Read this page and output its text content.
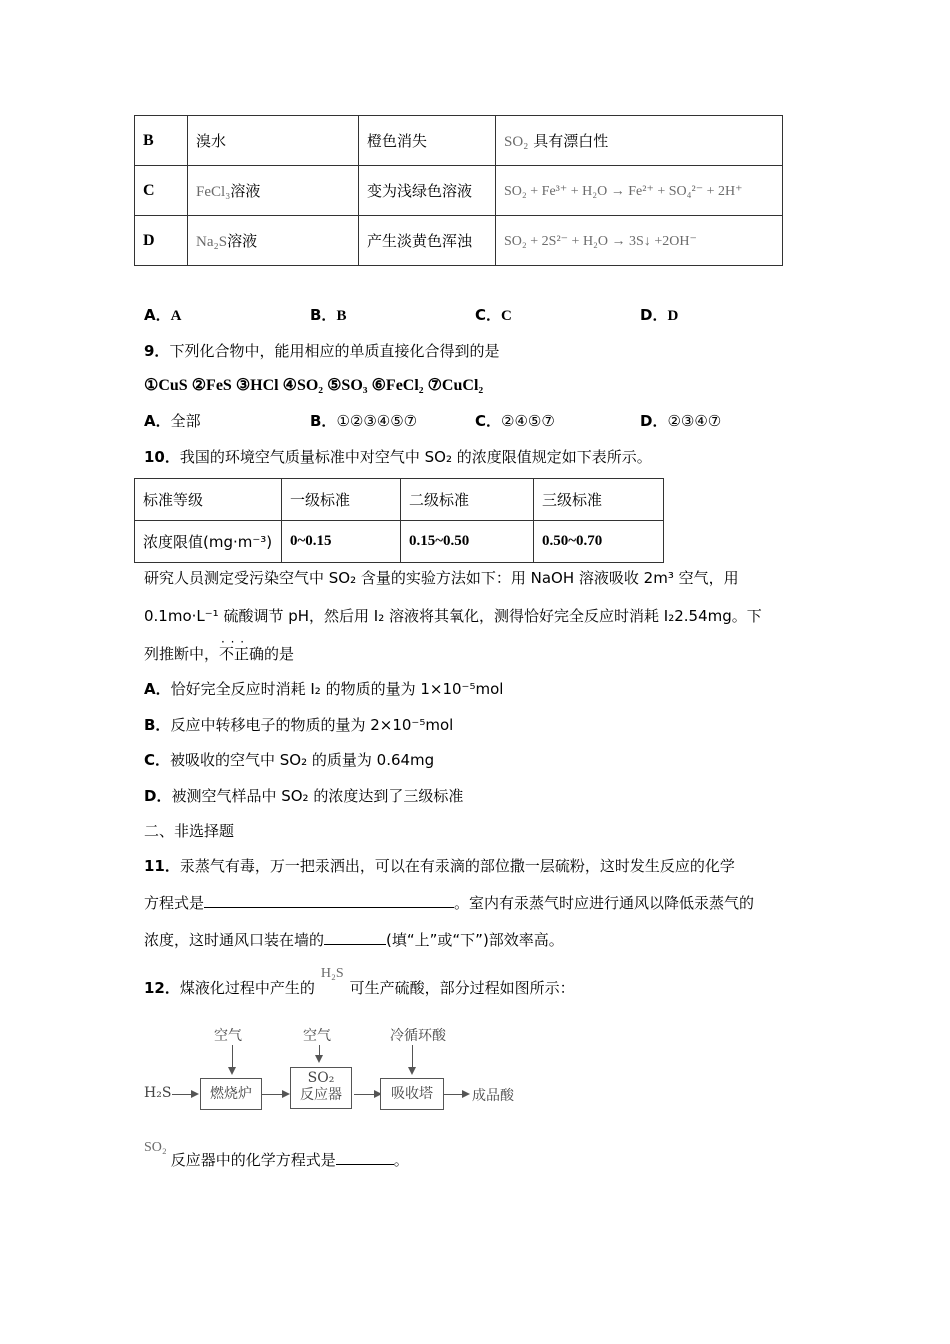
B	溴水	橙色消失	SO₂ 具有漂白性
C	FeCl₃溶液	变为浅绿色溶液	SO₂ + Fe³⁺ + H₂O → Fe²⁺ + SO₄²⁻ + 2H⁺
D	Na₂S溶液	产生淡黄色浑浊	SO₂ + 2S²⁻ + H₂O → 3S↓ +2OH⁻
A．A	B．B	C．C	D．D
9．下列化合物中，能用相应的单质直接化合得到的是
①CuS ②FeS ③HCl ④SO₂ ⑤SO₃ ⑥FeCl₂ ⑦CuCl₂
A．全部	B．①②③④⑤⑦	C．②④⑤⑦	D．②③④⑦
10．我国的环境空气质量标准中对空气中 SO₂ 的浓度限值规定如下表所示。
标准等级	一级标准	二级标准	三级标准
浓度限值(mg·m⁻³)	0~0.15	0.15~0.50	0.50~0.70
研究人员测定受污染空气中 SO₂ 含量的实验方法如下：用 NaOH 溶液吸收 2m³ 空气，用
0.1mo·L⁻¹ 硫酸调节 pH，然后用 I₂ 溶液将其氧化，测得恰好完全反应时消耗 I₂2.54mg。下
列推断中，· · · 不正确的是
A．恰好完全反应时消耗 I₂ 的物质的量为 1×10⁻⁵mol
B．反应中转移电子的物质的量为 2×10⁻⁵mol
C．被吸收的空气中 SO₂ 的质量为 0.64mg
D．被测空气样品中 SO₂ 的浓度达到了三级标准
二、非选择题
11．汞蒸气有毒，万一把汞洒出，可以在有汞滴的部位撒一层硫粉，这时发生反应的化学
方程式是	。室内有汞蒸气时应进行通风以降低汞蒸气的
浓度，这时通风口装在墙的	(填“上”或“下”)部效率高。
12．煤液化过程中产生的H₂S可生产硫酸，部分过程如图所示：
空气	空气	冷循环酸
H₂S	燃烧炉
SO₂
反应器	吸收塔	成品酸
SO₂反应器中的化学方程式是	。
